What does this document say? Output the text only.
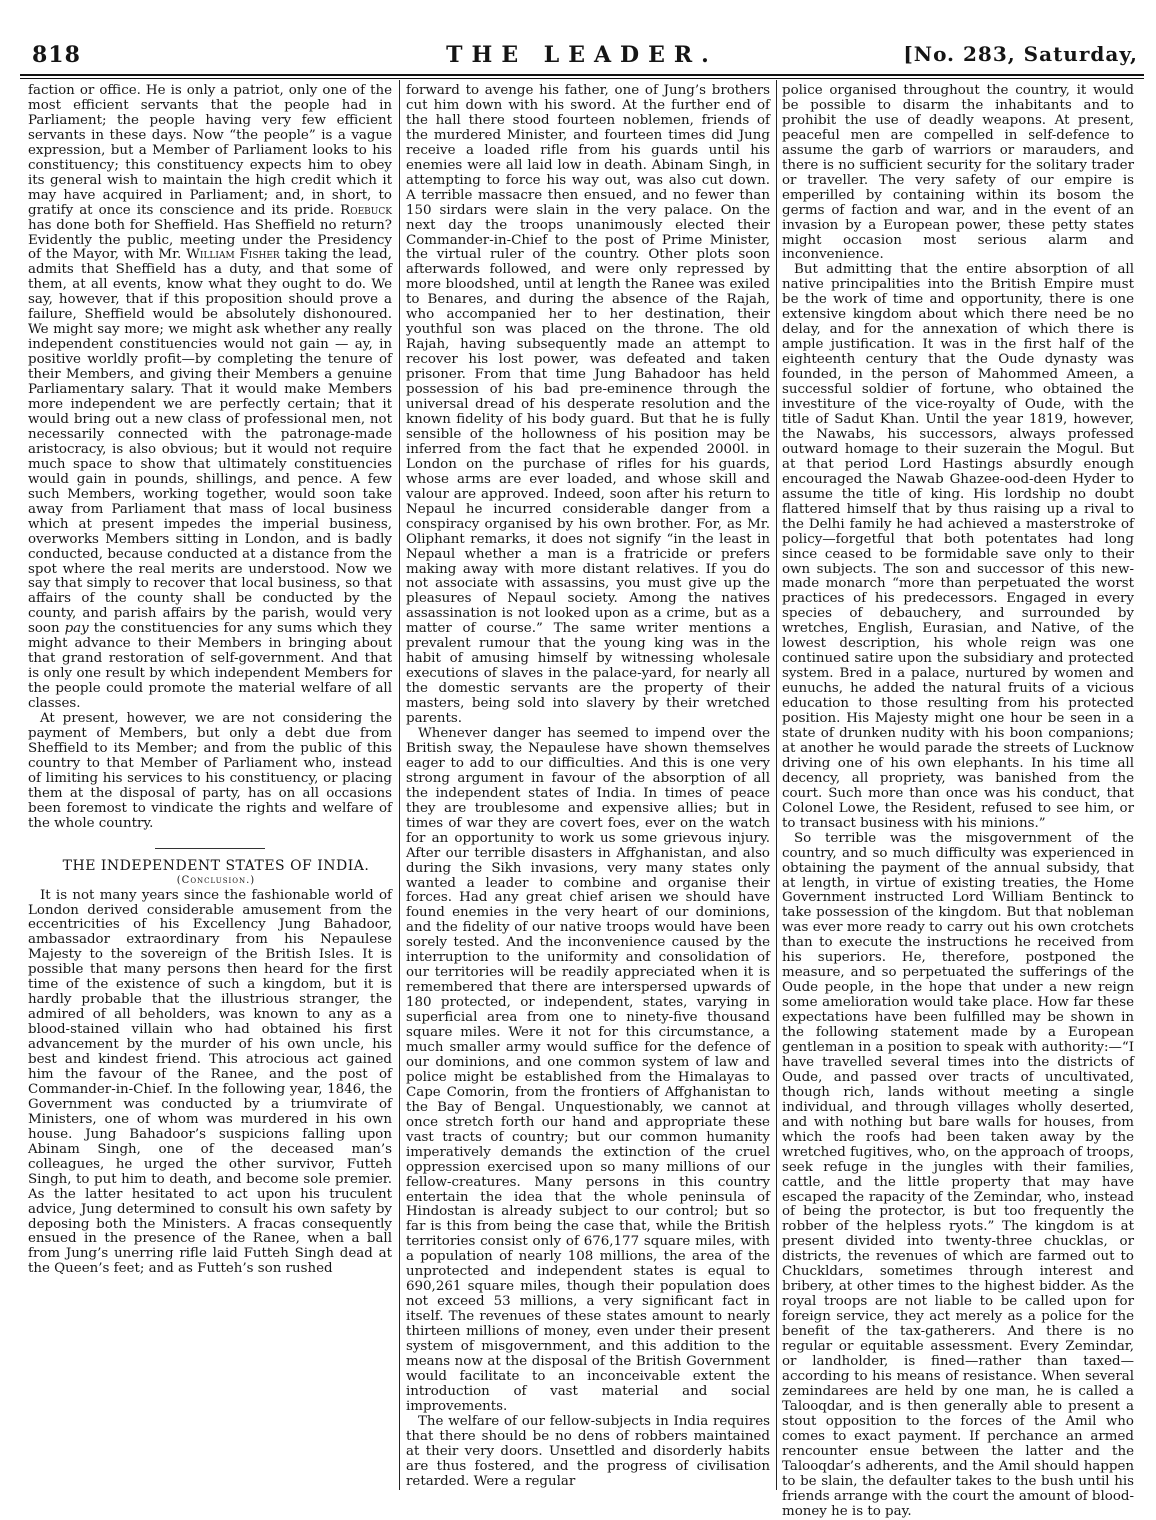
818	THE LEADER.	[No. 283, Saturday,

faction or office. He is only a patriot, only one of the most efficient servants that the people had in Parliament; the people having very few efficient servants in these days. Now “the people” is a vague expression, but a Member of Parliament looks to his constituency; this constituency expects him to obey its general wish to maintain the high credit which it may have acquired in Parliament; and, in short, to gratify at once its conscience and its pride. Roebuck has done both for Sheffield. Has Sheffield no return? Evidently the public, meeting under the Presidency of the Mayor, with Mr. William Fisher taking the lead, admits that Sheffield has a duty, and that some of them, at all events, know what they ought to do. We say, however, that if this proposition should prove a failure, Sheffield would be absolutely dishonoured. We might say more; we might ask whether any really independent constituencies would not gain — ay, in positive worldly profit—by completing the tenure of their Members, and giving their Members a genuine Parliamentary salary. That it would make Members more independent we are perfectly certain; that it would bring out a new class of professional men, not necessarily connected with the patronage-made aristocracy, is also obvious; but it would not require much space to show that ultimately constituencies would gain in pounds, shillings, and pence. A few such Members, working together, would soon take away from Parliament that mass of local business which at present impedes the imperial business, overworks Members sitting in London, and is badly conducted, because conducted at a distance from the spot where the real merits are understood. Now we say that simply to recover that local business, so that affairs of the county shall be conducted by the county, and parish affairs by the parish, would very soon pay the constituencies for any sums which they might advance to their Members in bringing about that grand restoration of self-government. And that is only one result by which independent Members for the people could promote the material welfare of all classes.

At present, however, we are not considering the payment of Members, but only a debt due from Sheffield to its Member; and from the public of this country to that Member of Parliament who, instead of limiting his services to his constituency, or placing them at the disposal of party, has on all occasions been foremost to vindicate the rights and welfare of the whole country.

THE INDEPENDENT STATES OF INDIA.

(Conclusion.)

It is not many years since the fashionable world of London derived considerable amusement from the eccentricities of his Excellency Jung Bahadoor, ambassador extraordinary from his Nepaulese Majesty to the sovereign of the British Isles. It is possible that many persons then heard for the first time of the existence of such a kingdom, but it is hardly probable that the illustrious stranger, the admired of all beholders, was known to any as a blood-stained villain who had obtained his first advancement by the murder of his own uncle, his best and kindest friend. This atrocious act gained him the favour of the Ranee, and the post of Commander-in-Chief. In the following year, 1846, the Government was conducted by a triumvirate of Ministers, one of whom was murdered in his own house. Jung Bahadoor’s suspicions falling upon Abinam Singh, one of the deceased man’s colleagues, he urged the other survivor, Futteh Singh, to put him to death, and become sole premier. As the latter hesitated to act upon his truculent advice, Jung determined to consult his own safety by deposing both the Ministers. A fracas consequently ensued in the presence of the Ranee, when a ball from Jung’s unerring rifle laid Futteh Singh dead at the Queen’s feet; and as Futteh’s son rushed

forward to avenge his father, one of Jung’s brothers cut him down with his sword. At the further end of the hall there stood fourteen noblemen, friends of the murdered Minister, and fourteen times did Jung receive a loaded rifle from his guards until his enemies were all laid low in death. Abinam Singh, in attempting to force his way out, was also cut down. A terrible massacre then ensued, and no fewer than 150 sirdars were slain in the very palace. On the next day the troops unanimously elected their Commander-in-Chief to the post of Prime Minister, the virtual ruler of the country. Other plots soon afterwards followed, and were only repressed by more bloodshed, until at length the Ranee was exiled to Benares, and during the absence of the Rajah, who accompanied her to her destination, their youthful son was placed on the throne. The old Rajah, having subsequently made an attempt to recover his lost power, was defeated and taken prisoner. From that time Jung Bahadoor has held possession of his bad pre-eminence through the universal dread of his desperate resolution and the known fidelity of his body guard. But that he is fully sensible of the hollowness of his position may be inferred from the fact that he expended 2000l. in London on the purchase of rifles for his guards, whose arms are ever loaded, and whose skill and valour are approved. Indeed, soon after his return to Nepaul he incurred considerable danger from a conspiracy organised by his own brother. For, as Mr. Oliphant remarks, it does not signify “in the least in Nepaul whether a man is a fratricide or prefers making away with more distant relatives. If you do not associate with assassins, you must give up the pleasures of Nepaul society. Among the natives assassination is not looked upon as a crime, but as a matter of course.” The same writer mentions a prevalent rumour that the young king was in the habit of amusing himself by witnessing wholesale executions of slaves in the palace-yard, for nearly all the domestic servants are the property of their masters, being sold into slavery by their wretched parents.

Whenever danger has seemed to impend over the British sway, the Nepaulese have shown themselves eager to add to our difficulties. And this is one very strong argument in favour of the absorption of all the independent states of India. In times of peace they are troublesome and expensive allies; but in times of war they are covert foes, ever on the watch for an opportunity to work us some grievous injury. After our terrible disasters in Affghanistan, and also during the Sikh invasions, very many states only wanted a leader to combine and organise their forces. Had any great chief arisen we should have found enemies in the very heart of our dominions, and the fidelity of our native troops would have been sorely tested. And the inconvenience caused by the interruption to the uniformity and consolidation of our territories will be readily appreciated when it is remembered that there are interspersed upwards of 180 protected, or independent, states, varying in superficial area from one to ninety-five thousand square miles. Were it not for this circumstance, a much smaller army would suffice for the defence of our dominions, and one common system of law and police might be established from the Himalayas to Cape Comorin, from the frontiers of Affghanistan to the Bay of Bengal. Unquestionably, we cannot at once stretch forth our hand and appropriate these vast tracts of country; but our common humanity imperatively demands the extinction of the cruel oppression exercised upon so many millions of our fellow-creatures. Many persons in this country entertain the idea that the whole peninsula of Hindostan is already subject to our control; but so far is this from being the case that, while the British territories consist only of 676,177 square miles, with a population of nearly 108 millions, the area of the unprotected and independent states is equal to 690,261 square miles, though their population does not exceed 53 millions, a very significant fact in itself. The revenues of these states amount to nearly thirteen millions of money, even under their present system of misgovernment, and this addition to the means now at the disposal of the British Government would facilitate to an inconceivable extent the introduction of vast material and social improvements.

The welfare of our fellow-subjects in India requires that there should be no dens of robbers maintained at their very doors. Unsettled and disorderly habits are thus fostered, and the progress of civilisation retarded. Were a regular

police organised throughout the country, it would be possible to disarm the inhabitants and to prohibit the use of deadly weapons. At present, peaceful men are compelled in self-defence to assume the garb of warriors or marauders, and there is no sufficient security for the solitary trader or traveller. The very safety of our empire is emperilled by containing within its bosom the germs of faction and war, and in the event of an invasion by a European power, these petty states might occasion most serious alarm and inconvenience.

But admitting that the entire absorption of all native principalities into the British Empire must be the work of time and opportunity, there is one extensive kingdom about which there need be no delay, and for the annexation of which there is ample justification. It was in the first half of the eighteenth century that the Oude dynasty was founded, in the person of Mahommed Ameen, a successful soldier of fortune, who obtained the investiture of the vice-royalty of Oude, with the title of Sadut Khan. Until the year 1819, however, the Nawabs, his successors, always professed outward homage to their suzerain the Mogul. But at that period Lord Hastings absurdly enough encouraged the Nawab Ghazee-ood-deen Hyder to assume the title of king. His lordship no doubt flattered himself that by thus raising up a rival to the Delhi family he had achieved a masterstroke of policy—forgetful that both potentates had long since ceased to be formidable save only to their own subjects. The son and successor of this new-made monarch “more than perpetuated the worst practices of his predecessors. Engaged in every species of debauchery, and surrounded by wretches, English, Eurasian, and Native, of the lowest description, his whole reign was one continued satire upon the subsidiary and protected system. Bred in a palace, nurtured by women and eunuchs, he added the natural fruits of a vicious education to those resulting from his protected position. His Majesty might one hour be seen in a state of drunken nudity with his boon companions; at another he would parade the streets of Lucknow driving one of his own elephants. In his time all decency, all propriety, was banished from the court. Such more than once was his conduct, that Colonel Lowe, the Resident, refused to see him, or to transact business with his minions.”

So terrible was the misgovernment of the country, and so much difficulty was experienced in obtaining the payment of the annual subsidy, that at length, in virtue of existing treaties, the Home Government instructed Lord William Bentinck to take possession of the kingdom. But that nobleman was ever more ready to carry out his own crotchets than to execute the instructions he received from his superiors. He, therefore, postponed the measure, and so perpetuated the sufferings of the Oude people, in the hope that under a new reign some amelioration would take place. How far these expectations have been fulfilled may be shown in the following statement made by a European gentleman in a position to speak with authority:—“I have travelled several times into the districts of Oude, and passed over tracts of uncultivated, though rich, lands without meeting a single individual, and through villages wholly deserted, and with nothing but bare walls for houses, from which the roofs had been taken away by the wretched fugitives, who, on the approach of troops, seek refuge in the jungles with their families, cattle, and the little property that may have escaped the rapacity of the Zemindar, who, instead of being the protector, is but too frequently the robber of the helpless ryots.” The kingdom is at present divided into twenty-three chucklas, or districts, the revenues of which are farmed out to Chuckldars, sometimes through interest and bribery, at other times to the highest bidder. As the royal troops are not liable to be called upon for foreign service, they act merely as a police for the benefit of the tax-gatherers. And there is no regular or equitable assessment. Every Zemindar, or landholder, is fined—rather than taxed—according to his means of resistance. When several zemindarees are held by one man, he is called a Talooqdar, and is then generally able to present a stout opposition to the forces of the Amil who comes to exact payment. If perchance an armed rencounter ensue between the latter and the Talooqdar’s adherents, and the Amil should happen to be slain, the defaulter takes to the bush until his friends arrange with the court the amount of blood-money he is to pay.
